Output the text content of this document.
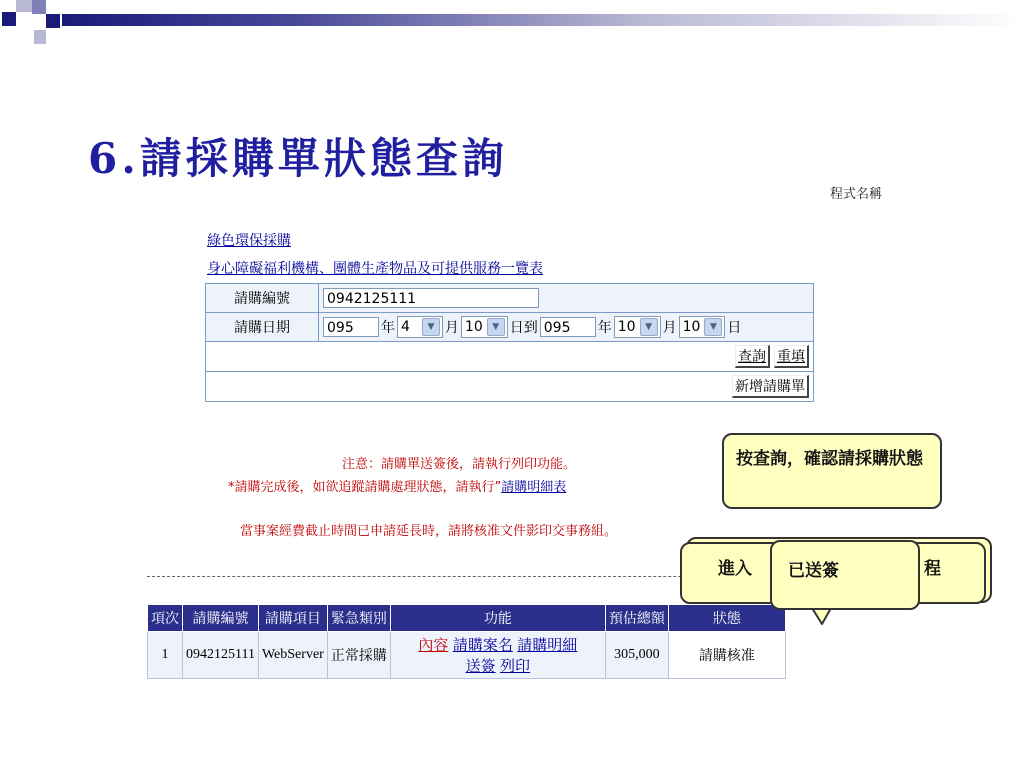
6.請採購單狀態查詢
程式名稱
綠色環保採購
身心障礙福利機構、團體生產物品及可提供服務一覽表
請購編號	0942125111
請購日期	095	年 4	▼ 月 10	▼ 日到 095	年 10	▼ 月 10	▼ 日
查詢 重填
新增請購單
注意：請購單送簽後，請執行列印功能。
*請購完成後，如欲追蹤請購處理狀態，請執行”請購明細表
當事案經費截止時間已申請延長時，請將核准文件影印交事務組。
項次	請購編號	請購項目	緊急類別	功能	預估總額	狀態
1	0942125111	WebServer	正常採購	內容 請購案名 請購明細
送簽 列印	305,000	請購核准
按查詢，確認請採購狀態
進入	程
已送簽
